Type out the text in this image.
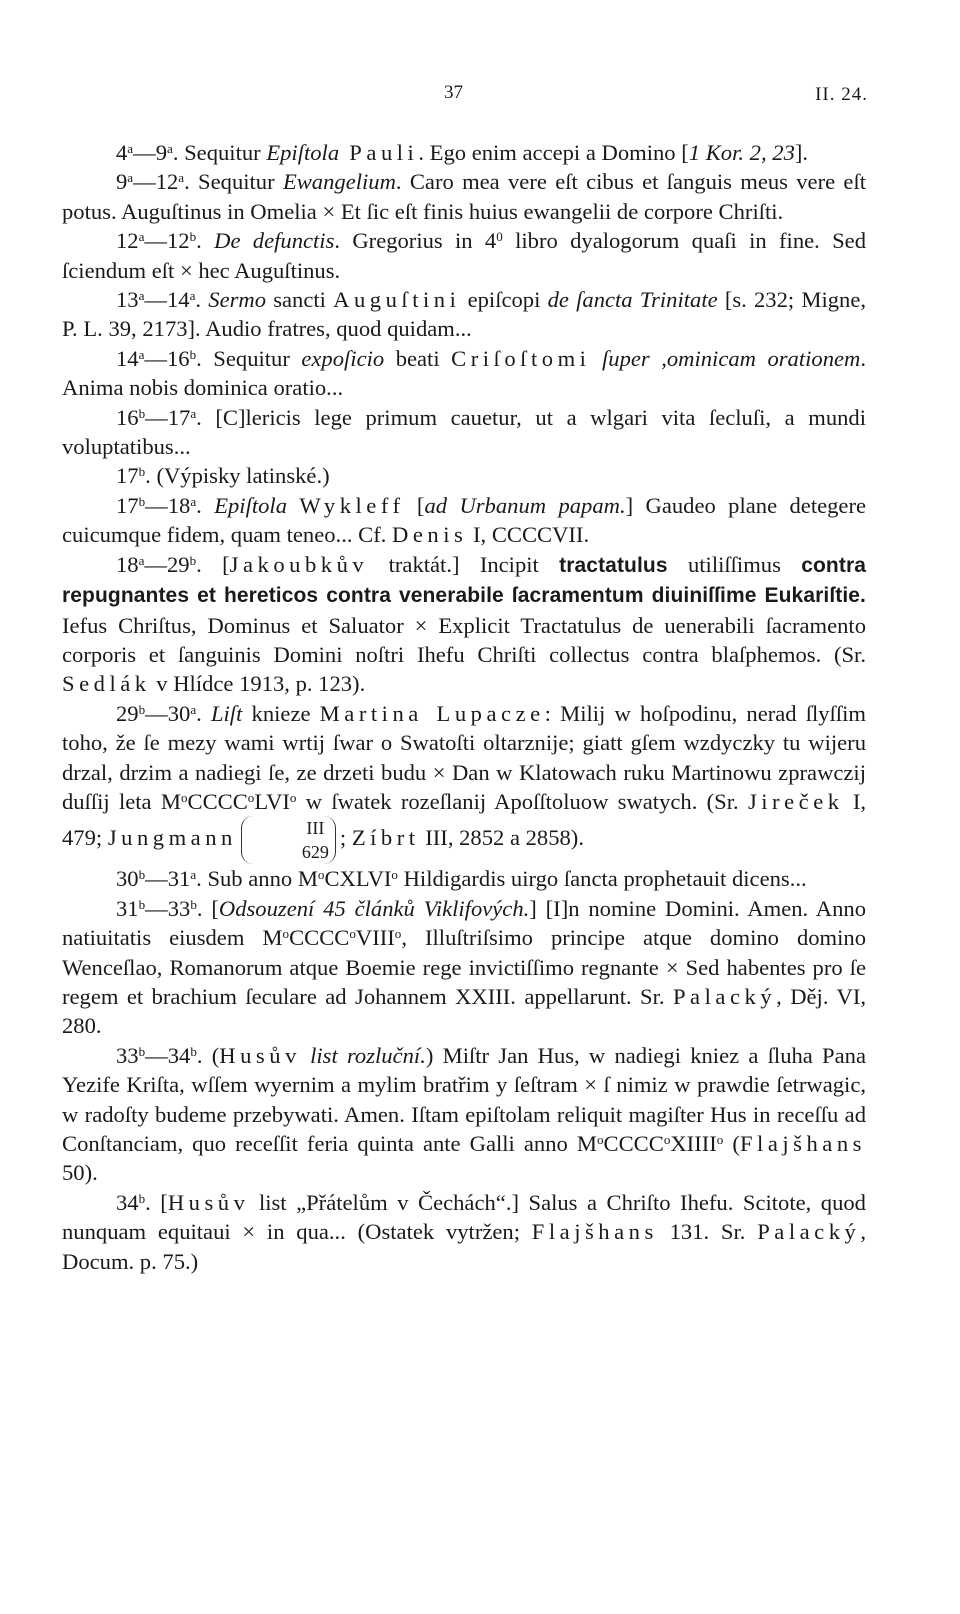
37	II. 24.

4$^a$—9$^a$. Sequitur Epiſtola Pauli. Ego enim accepi a Domino [1 Kor. 2, 23].

9$^a$—12$^a$. Sequitur Ewangelium. Caro mea vere eſt cibus et ſanguis meus vere eſt potus. Auguſtinus in Omelia × Et ſic eſt finis huius ewangelii de corpore Chriſti.

12$^a$—12$^b$. De defunctis. Gregorius in $4^0$ libro dyalogorum quaſi in fine. Sed ſciendum eſt × hec Auguſtinus.

13$^a$—14$^a$. Sermo sancti Auguſtini epiſcopi de ſancta Trinitate [s. 232; Migne, P. L. 39, 2173]. Audio fratres, quod quidam...

14$^a$—16$^b$. Sequitur expoſicio beati Criſoſtomi ſuper ,ominicam orationem. Anima nobis dominica oratio...

16$^b$—17$^a$. [C]lericis lege primum cauetur, ut a wlgari vita ſecluſi, a mundi voluptatibus...

17$^b$. (Výpisky latinské.)

17$^b$—18$^a$. Epiſtola Wykleff [ad Urbanum papam.] Gaudeo plane detegere cuicumque fidem, quam teneo... Cf. Denis I, CCCCVII.

18$^a$—29$^b$. [Jakoubkův traktát.] Incipit tractatulus utiliſſimus contra repugnantes et hereticos contra venerabile ſacramentum diuiniſſime Eukariſtie. Iefus Chriſtus, Dominus et Saluator × Explicit Tractatulus de uenerabili ſacramento corporis et ſanguinis Domini noſtri Ihefu Chriſti collectus contra blaſphemos. (Sr. Sedlák v Hlídce 1913, p. 123).

29$^b$—30$^a$. Liſt knieze Martina Lupacze: Milij w hoſpodinu, nerad ſlyſſim toho, že ſe mezy wami wrtij ſwar o Swatoſti oltarznije; giatt gſem wzdyczky tu wijeru drzal, drzim a nadiegi ſe, ze drzeti budu × Dan w Klatowach ruku Martinowu zprawczij duſſij leta $M^oCCCC^oLVI^o$ w ſwatek rozeſlanij Apoſſtoluow swatych. (Sr. Jireček I, 479; Jungmann	III
629
; Zíbrt III, 2852 a 2858).

30$^b$—31$^a$. Sub anno $M^oCXLVI^o$ Hildigardis uirgo ſancta prophetauit dicens...

31$^b$—33$^b$. [Odsouzení 45 článků Viklifových.] [I]n nomine Domini. Amen. Anno natiuitatis eiusdem $M^oCCCC^oVIII^o$, Illuſtriſsimo principe atque domino domino Wenceſlao, Romanorum atque Boemie rege invictiſſimo regnante × Sed habentes pro ſe regem et brachium ſeculare ad Johannem XXIII. appellarunt. Sr. Palacký, Děj. VI, 280.

33$^b$—34$^b$. (Husův list rozluční.) Miſtr Jan Hus, w nadiegi kniez a ſluha Pana Yezife Kriſta, wſſem wyernim a mylim bratřim y ſeſtram × ſ nimiz w prawdie ſetrwagic, w radoſty budeme przebywati. Amen. Iſtam epiſtolam reliquit magiſter Hus in receſſu ad Conſtanciam, quo receſſit feria quinta ante Galli anno $M^oCCCC^oXIIII^o$ (Flajšhans 50).

34$^b$. [Husův list „Přátelům v Čechách“.] Salus a Chriſto Ihefu. Scitote, quod nunquam equitaui × in qua... (Ostatek vytržen; Flajšhans 131. Sr. Palacký, Docum. p. 75.)
